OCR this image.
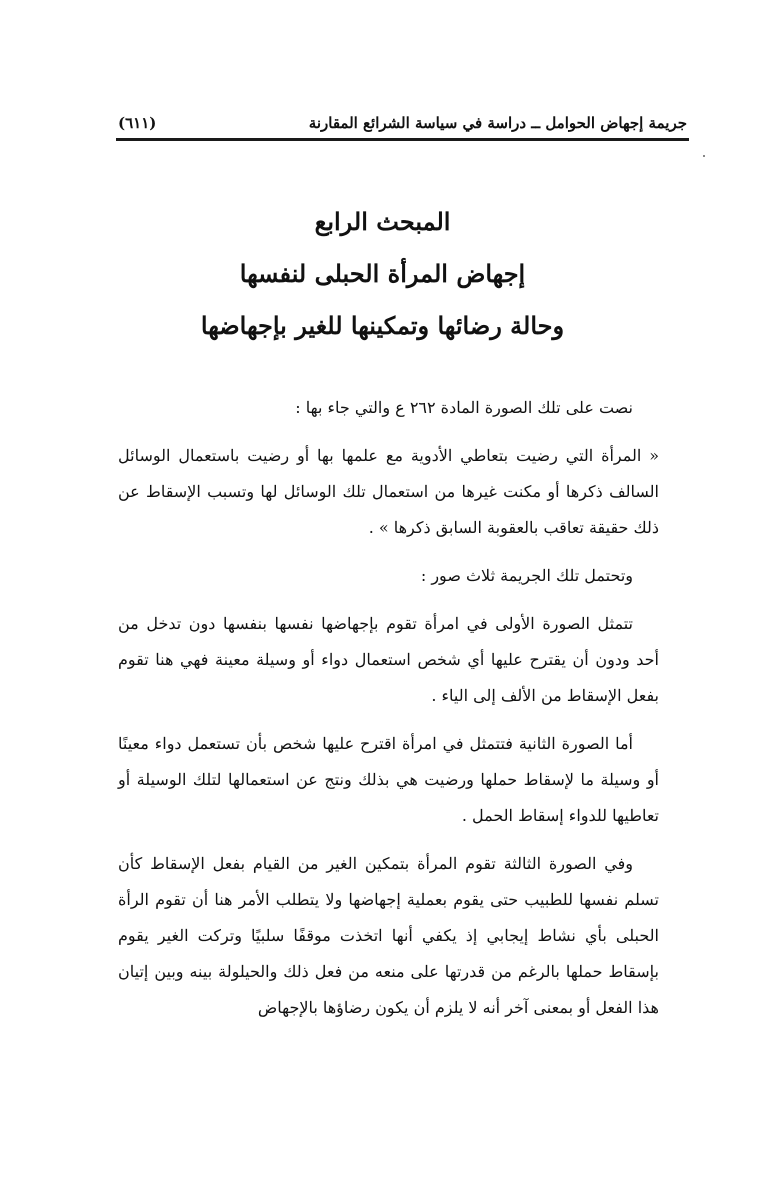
جريمة إجهاض الحوامل ــ دراسة في سياسة الشرائع المقارنة
(٦١١)
المبحث الرابع
إجهاض المرأة الحبلى لنفسها
وحالة رضائها وتمكينها للغير بإجهاضها

نصت على تلك الصورة المادة ٢٦٢ ع والتي جاء بها :

« المرأة التي رضيت بتعاطي الأدوية مع علمها بها أو رضيت باستعمال الوسائل السالف ذكرها أو مكنت غيرها من استعمال تلك الوسائل لها وتسبب الإسقاط عن ذلك حقيقة تعاقب بالعقوبة السابق ذكرها » .

وتحتمل تلك الجريمة ثلاث صور :

تتمثل الصورة الأولى في امرأة تقوم بإجهاضها نفسها بنفسها دون تدخل من أحد ودون أن يقترح عليها أي شخص استعمال دواء أو وسيلة معينة فهي هنا تقوم بفعل الإسقاط من الألف إلى الياء .

أما الصورة الثانية فتتمثل في امرأة اقترح عليها شخص بأن تستعمل دواء معينًا أو وسيلة ما لإسقاط حملها ورضيت هي بذلك ونتج عن استعمالها لتلك الوسيلة أو تعاطيها للدواء إسقاط الحمل .

وفي الصورة الثالثة تقوم المرأة بتمكين الغير من القيام بفعل الإسقاط كأن تسلم نفسها للطبيب حتى يقوم بعملية إجهاضها ولا يتطلب الأمر هنا أن تقوم الرأة الحبلى بأي نشاط إيجابي إذ يكفي أنها اتخذت موقفًا سلبيًا وتركت الغير يقوم بإسقاط حملها بالرغم من قدرتها على منعه من فعل ذلك والحيلولة بينه وبين إتيان هذا الفعل أو بمعنى آخر أنه لا يلزم أن يكون رضاؤها بالإجهاض
